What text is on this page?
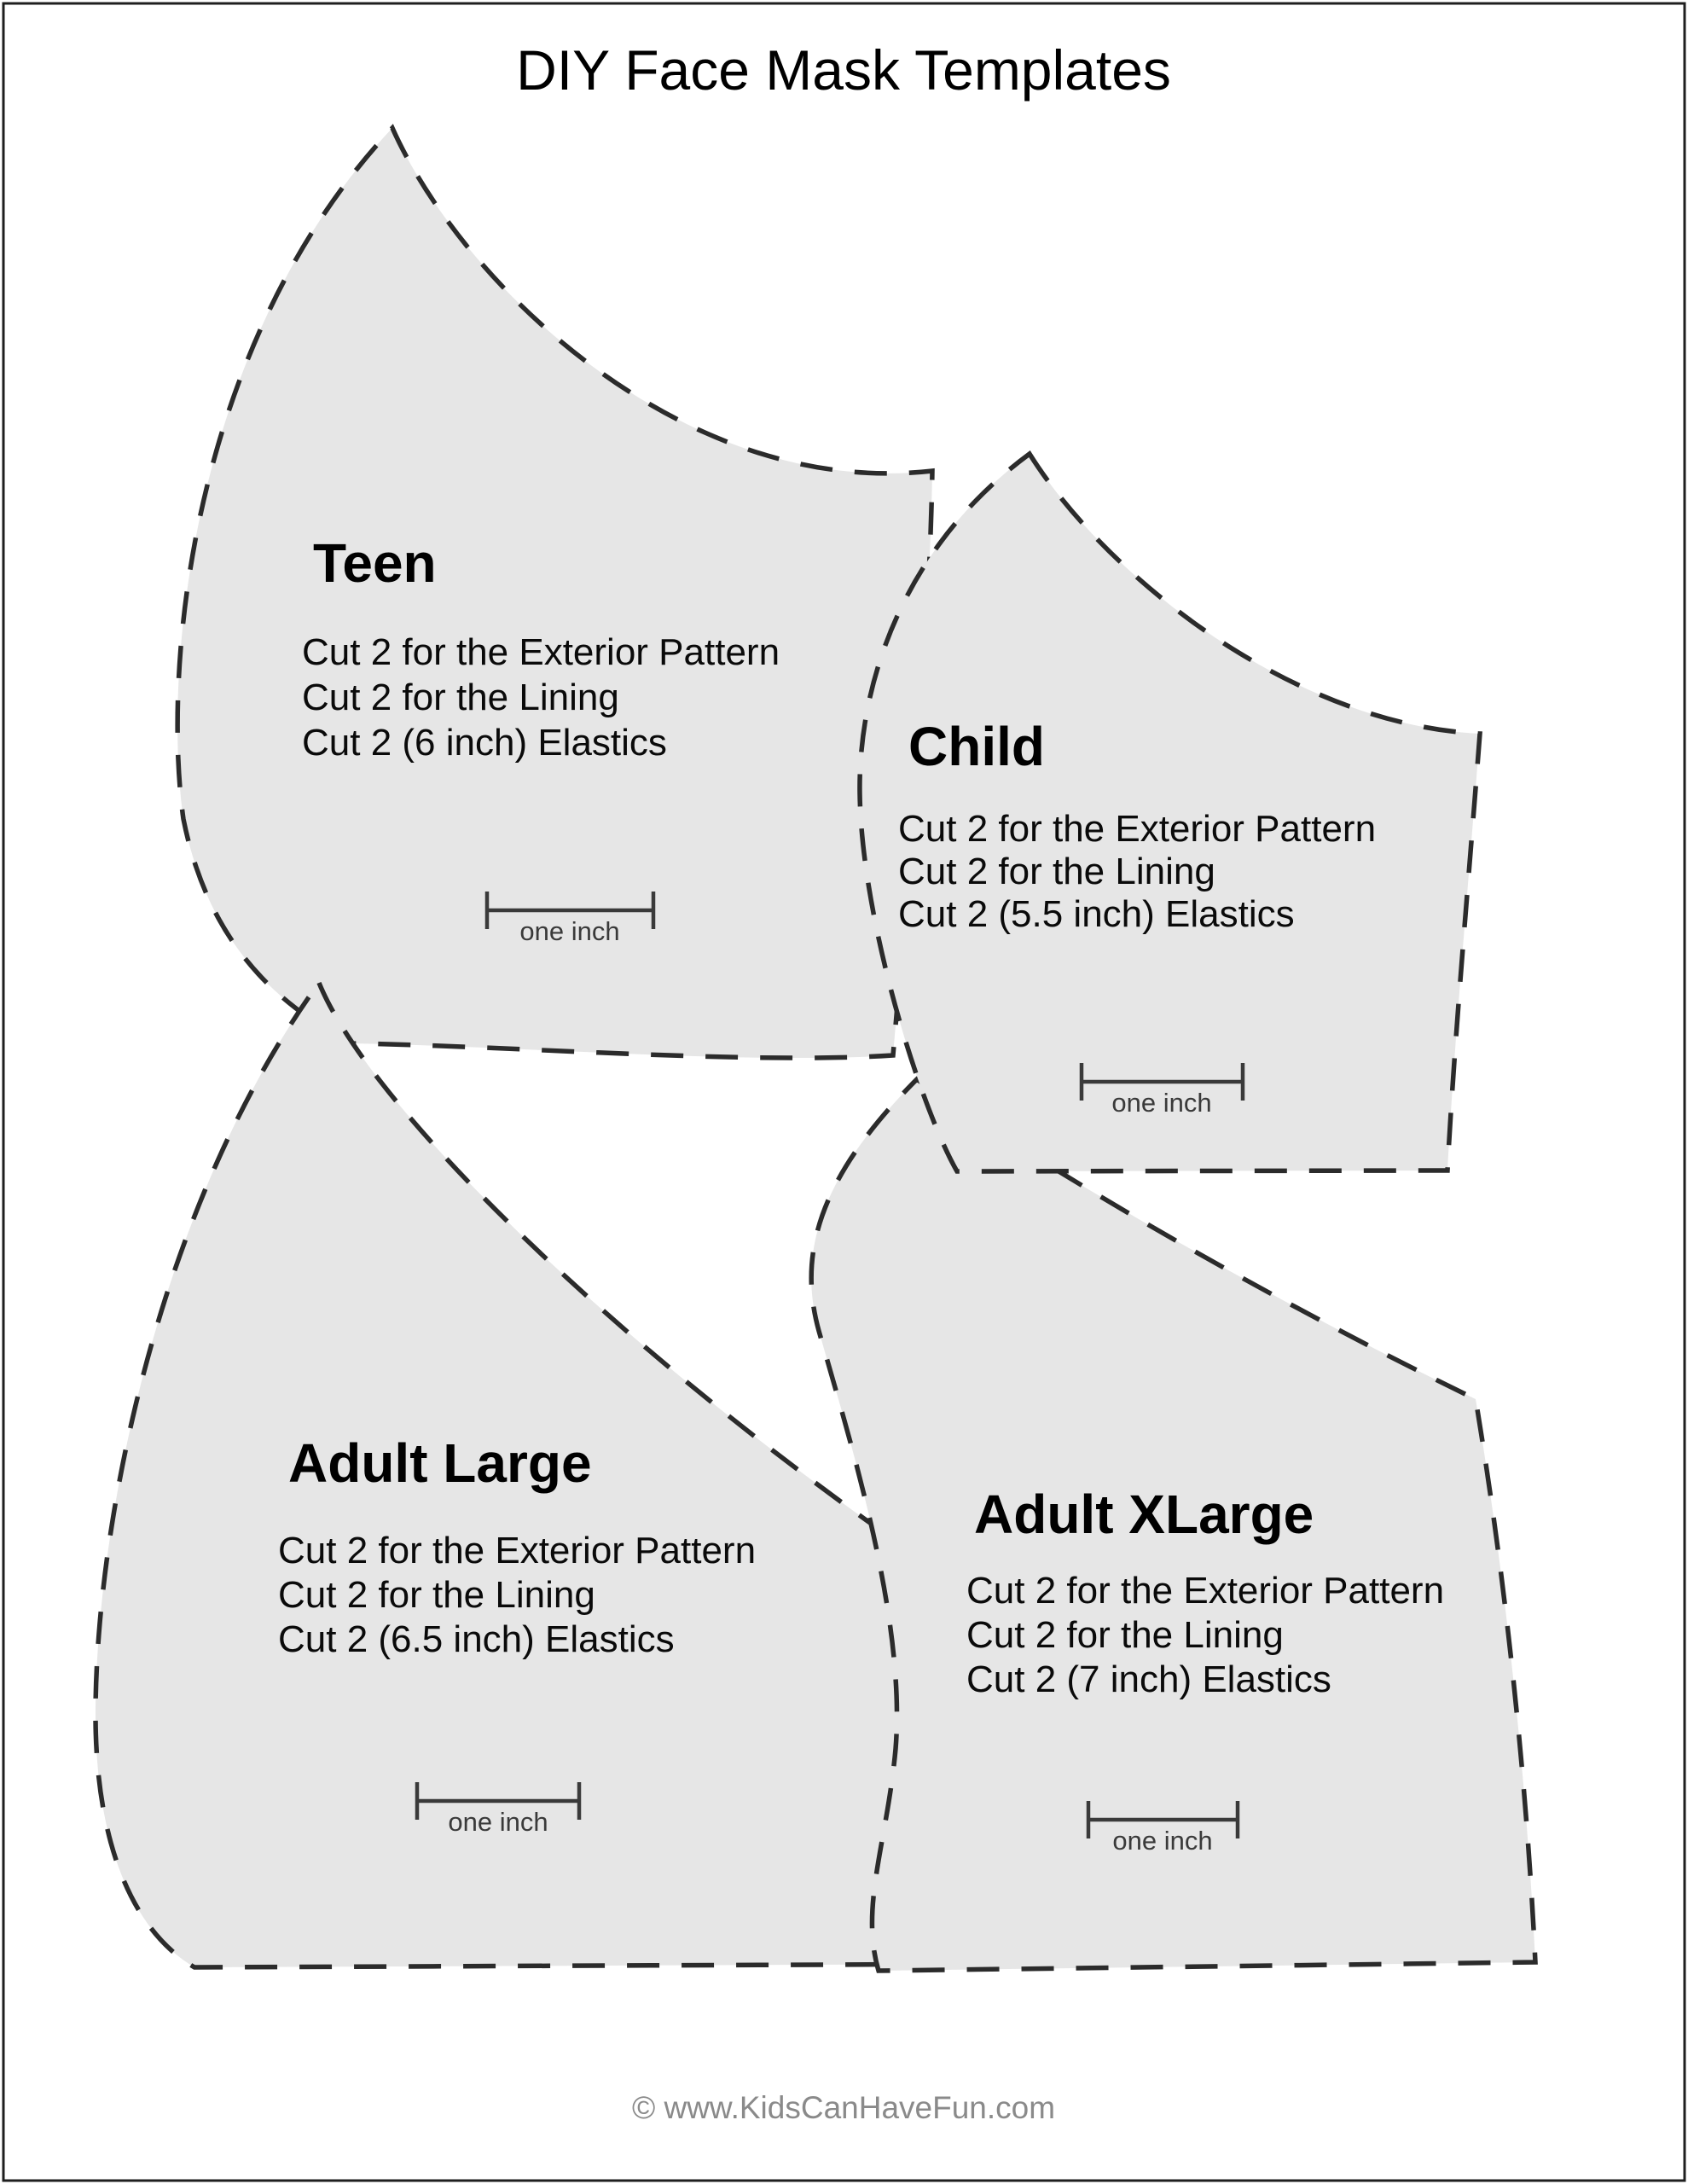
DIY Face Mask Templates
Teen
Cut 2 for the Exterior Pattern
Cut 2 for the Lining
Cut 2 (6 inch) Elastics
one inch
Child
Cut 2 for the Exterior Pattern
Cut 2 for the Lining
Cut 2 (5.5 inch) Elastics
one inch
Adult Large
Cut 2 for the Exterior Pattern
Cut 2 for the Lining
Cut 2 (6.5 inch) Elastics
one inch
Adult XLarge
Cut 2 for the Exterior Pattern
Cut 2 for the Lining
Cut 2 (7 inch) Elastics
one inch
© www.KidsCanHaveFun.com
